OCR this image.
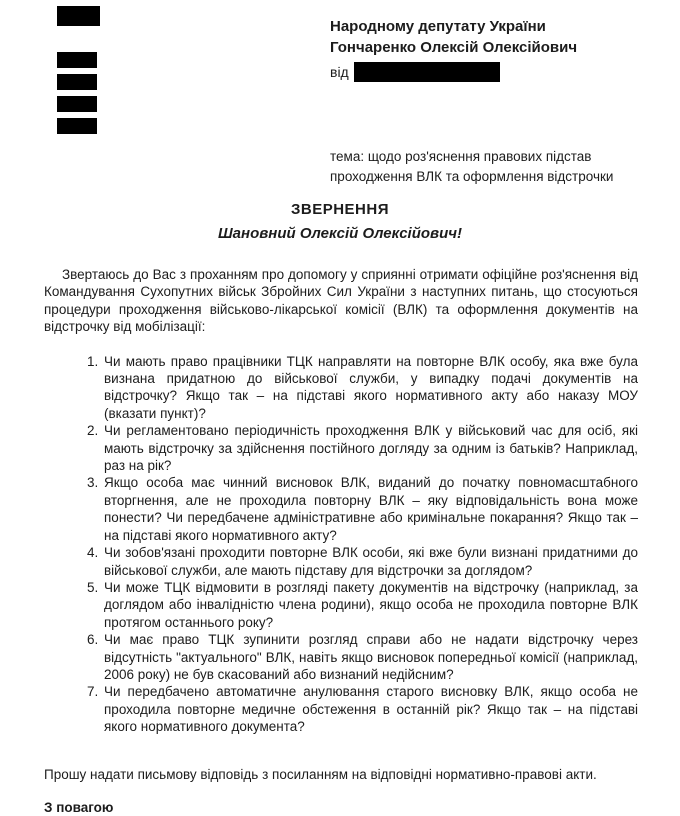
Народному депутату України
Гончаренко Олексій Олексійович
від
тема: щодо роз'яснення правових підстав
проходження ВЛК та оформлення відстрочки
ЗВЕРНЕННЯ
Шановний Олексій Олексійович!

Звертаюсь до Вас з проханням про допомогу у сприянні отримати офіційне роз'яснення від Командування Сухопутних військ Збройних Сил України з наступних питань, що стосуються процедури проходження військово-лікарської комісії (ВЛК) та оформлення документів на відстрочку від мобілізації:

1. Чи мають право працівники ТЦК направляти на повторне ВЛК особу, яка вже була визнана придатною до військової служби, у випадку подачі документів на відстрочку? Якщо так – на підставі якого нормативного акту або наказу МОУ (вказати пункт)?
2. Чи регламентовано періодичність проходження ВЛК у військовий час для осіб, які мають відстрочку за здійснення постійного догляду за одним із батьків? Наприклад, раз на рік?
3. Якщо особа має чинний висновок ВЛК, виданий до початку повномасштабного вторгнення, але не проходила повторну ВЛК – яку відповідальність вона може понести? Чи передбачене адміністративне або кримінальне покарання? Якщо так – на підставі якого нормативного акту?
4. Чи зобов'язані проходити повторне ВЛК особи, які вже були визнані придатними до військової служби, але мають підставу для відстрочки за доглядом?
5. Чи може ТЦК відмовити в розгляді пакету документів на відстрочку (наприклад, за доглядом або інвалідністю члена родини), якщо особа не проходила повторне ВЛК протягом останнього року?
6. Чи має право ТЦК зупинити розгляд справи або не надати відстрочку через відсутність "актуального" ВЛК, навіть якщо висновок попередньої комісії (наприклад, 2006 року) не був скасований або визнаний недійсним?
7. Чи передбачено автоматичне анулювання старого висновку ВЛК, якщо особа не проходила повторне медичне обстеження в останній рік? Якщо так – на підставі якого нормативного документа?

Прошу надати письмову відповідь з посиланням на відповідні нормативно-правові акти.

З повагою
